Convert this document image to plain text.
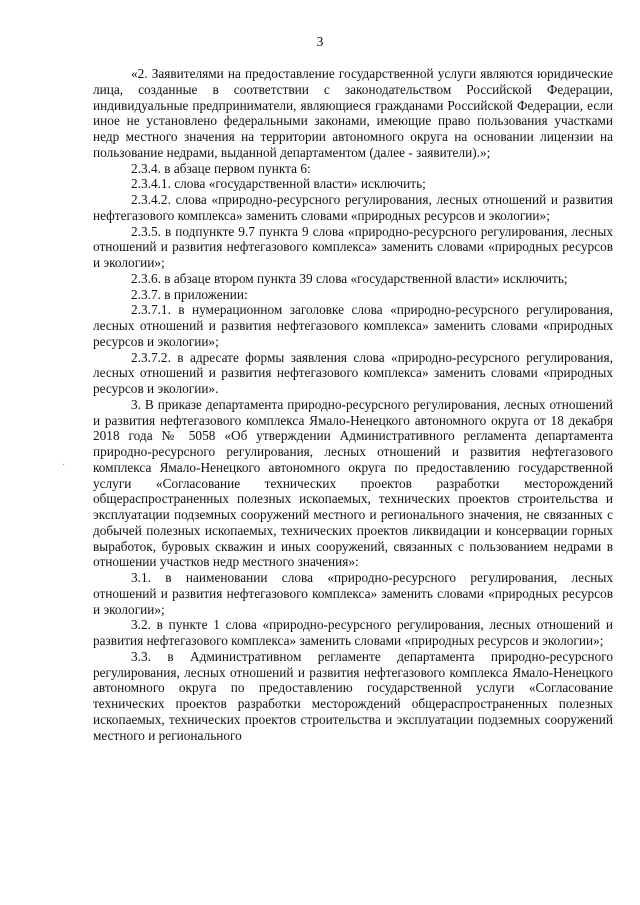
3
·

«2. Заявителями на предоставление государственной услуги являются юридические лица, созданные в соответствии с законодательством Российской Федерации, индивидуальные предприниматели, являющиеся гражданами Российской Федерации, если иное не установлено федеральными законами, имеющие право пользования участками недр местного значения на территории автономного округа на основании лицензии на пользование недрами, выданной департаментом (далее - заявители).»;

2.3.4. в абзаце первом пункта 6:

2.3.4.1. слова «государственной власти» исключить;

2.3.4.2. слова «природно-ресурсного регулирования, лесных отношений и развития нефтегазового комплекса» заменить словами «природных ресурсов и экологии»;

2.3.5. в подпункте 9.7 пункта 9 слова «природно-ресурсного регулирования, лесных отношений и развития нефтегазового комплекса» заменить словами «природных ресурсов и экологии»;

2.3.6. в абзаце втором пункта 39 слова «государственной власти» исключить;

2.3.7. в приложении:

2.3.7.1. в нумерационном заголовке слова «природно-ресурсного регулирования, лесных отношений и развития нефтегазового комплекса» заменить словами «природных ресурсов и экологии»;

2.3.7.2. в адресате формы заявления слова «природно-ресурсного регулирования, лесных отношений и развития нефтегазового комплекса» заменить словами «природных ресурсов и экологии».

3. В приказе департамента природно-ресурсного регулирования, лесных отношений и развития нефтегазового комплекса Ямало-Ненецкого автономного округа от 18 декабря 2018 года № 5058 «Об утверждении Административного регламента департамента природно-ресурсного регулирования, лесных отношений и развития нефтегазового комплекса Ямало-Ненецкого автономного округа по предоставлению государственной услуги «Согласование технических проектов разработки месторождений общераспространенных полезных ископаемых, технических проектов строительства и эксплуатации подземных сооружений местного и регионального значения, не связанных с добычей полезных ископаемых, технических проектов ликвидации и консервации горных выработок, буровых скважин и иных сооружений, связанных с пользованием недрами в отношении участков недр местного значения»:

3.1. в наименовании слова «природно-ресурсного регулирования, лесных отношений и развития нефтегазового комплекса» заменить словами «природных ресурсов и экологии»;

3.2. в пункте 1 слова «природно-ресурсного регулирования, лесных отношений и развития нефтегазового комплекса» заменить словами «природных ресурсов и экологии»;

3.3. в Административном регламенте департамента природно-ресурсного регулирования, лесных отношений и развития нефтегазового комплекса Ямало-Ненецкого автономного округа по предоставлению государственной услуги «Согласование технических проектов разработки месторождений общераспространенных полезных ископаемых, технических проектов строительства и эксплуатации подземных сооружений местного и регионального
